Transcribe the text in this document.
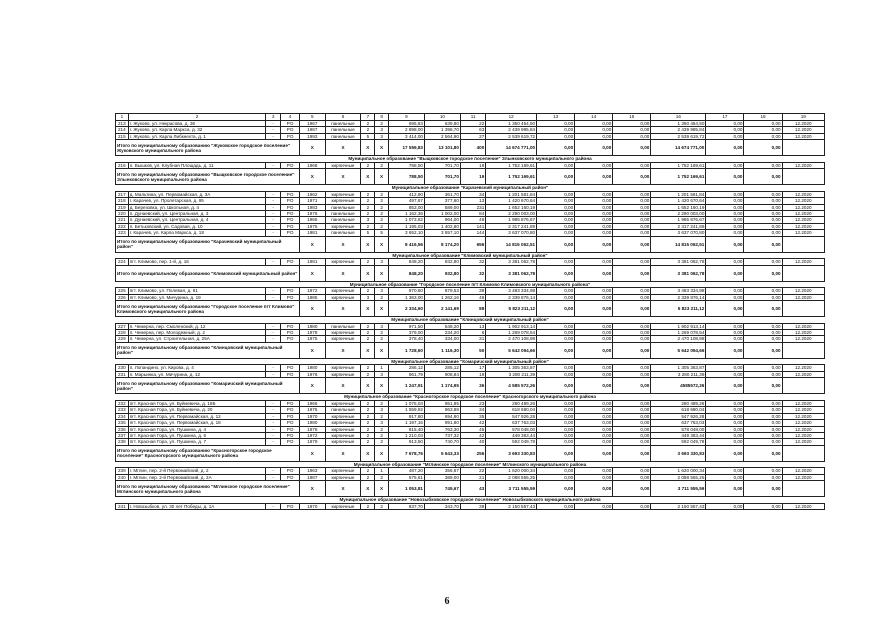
1	2	3	4	5	6	7	8	9	10	11	12	13	14	15	16	17	18	19
213	г. Жуково, ул. Некрасова, д. 36	-	PO	1967	панельные	2	2	695,83	639,80	22	1 350 454,50	0,00	0,00	0,00	1 350 454,50	0,00	0,00	12.2020
214	г. Жуково, ул. Карла Маркса, д. 32	-	PO	1987	панельные	2	3	2 898,00	1 398,70	63	2 439 985,84	0,00	0,00	0,00	2 439 985,84	0,00	0,00	12.2020
215	г. Жуково, ул. Карла Либкнехта, д. 1	-	PO	1993	панельные	5	3	3 414,00	2 564,90	27	2 539 619,72	0,00	0,00	0,00	2 539 619,72	0,00	0,00	12.2020
Итого по муниципальному образованию "Жуковское городское поселение" Жуковского муниципального района				X	X	X	X	17 559,83	13 101,80	400	14 674 771,00	0,00	0,00	0,00	14 674 771,00	0,00	0,00	
Муниципальное образование "Выщковское городское поселение" Злынковского муниципального района																		
216	п. Вышков, ул. Клубная Площадь, д. 11	-	PO	1968	кирпичные	2	2	788,50	701,70	19	1 752 169,61	0,00	0,00	0,00	1 752 169,61	0,00	0,00	12.2020
Итого по муниципальному образованию "Выщковское городское поселение" Злынковского муниципального района				X	X	X	X	788,50	701,70	19	1 752 169,61	0,00	0,00	0,00	1 752 169,61	0,00	0,00	
Муниципальное образование "Карачевский муниципальный район"																		
217	д. Мальтина, ул. Первомайская, д. 3А	-	PO	1962	кирпичные	2	2	412,90	361,70	34	1 201 581,84	0,00	0,00	0,00	1 201 581,84	0,00	0,00	12.2020
218	г. Карачев, ул. Пролетарская, д. 95	-	PO	1971	кирпичные	2	2	497,67	377,60	13	1 420 670,64	0,00	0,00	0,00	1 420 670,64	0,00	0,00	12.2020
219	д. Березовка, ул. Школьная, д. 4	-	PO	1983	панельные	2	2	853,00	589,00	231	1 652 160,19	0,00	0,00	0,00	1 652 160,19	0,00	0,00	12.2020
220	п. Дунаевский, ул. Центральная, д. 3	-	PO	1976	панельные	2	2	1 162,36	1 002,00	84	2 290 003,00	0,00	0,00	0,00	2 290 003,00	0,00	0,00	12.2020
221	п. Дунаевский, ул. Центральная, д. 4	-	PO	1965	панельные	3	2	1 073,62	964,00	49	1 985 876,67	0,00	0,00	0,00	1 985 876,67	0,00	0,00	12.2020
222	п. Бетьковский, ул. Садовая, д. 10	-	PO	1975	кирпичные	2	2	1 195,03	1 402,80	141	2 317 241,89	0,00	0,00	0,00	2 317 241,89	0,00	0,00	12.2020
223	г. Карачев, ул. Карла Маркса, д. 18	-	PO	1981	панельные	5	5	3 652,10	3 657,10	144	3 637 070,80	0,00	0,00	0,00	3 637 070,80	0,00	0,00	12.2020
Итого по муниципальному образованию "Карачевский муниципальный район"				X	X	X	X	8 416,56	8 174,20	656	14 815 062,51	0,00	0,00	0,00	14 815 062,51	0,00	0,00	
Муниципальное образование "Климовский муниципальный район"																		
224	пгт. Климово, пер. 1-й, д. 16	-	PO	1981	кирпичные	2	3	848,20	932,80	32	3 381 062,78	0,00	0,00	0,00	3 381 062,78	0,00	0,00	12.2020
Итого по муниципальному образованию "Климовский муниципальный район"				X	X	X	X	848,20	932,80	32	3 381 062,78	0,00	0,00	0,00	3 381 062,78	0,00	0,00	
Муниципальное образование "Городское поселение пгт Климово Климовского муниципального района"																		
225	пгт. Климово, ул. Полевая, д. 61	-	PO	1972	кирпичные	2	3	970,60	879,53	39	3 483 334,98	0,00	0,00	0,00	3 483 334,98	0,00	0,00	12.2020
226	пгт. Климово, ул. Мичурина, д. 19	-	PO	1985	кирпичные	3	2	1 363,00	1 262,16	49	2 339 876,14	0,00	0,00	0,00	2 339 876,14	0,00	0,00	12.2020
Итого по муниципальному образованию "Городское поселение пгт Климово" Климовского муниципального района				X	X	X	X	2 334,60	2 141,69	88	5 823 211,12	0,00	0,00	0,00	5 823 211,12	0,00	0,00	
Муниципальное образование "Клинцовский муниципальный район"																		
227	п. Чемерна, пер. Смоленский, д. 12	-	PO	1980	панельные	2	3	971,50	548,20	13	1 902 913,14	0,00	0,00	0,00	1 902 913,14	0,00	0,00	12.2020
228	п. Чемерна, пер. Молодежный, д. 2	-	PO	1978	кирпичные	2	2	379,00	234,20	6	1 269 078,54	0,00	0,00	0,00	1 269 078,54	0,00	0,00	12.2020
229	п. Чемерна, ул. Строительная, д. 25А	-	PO	1975	кирпичные	2	2	378,40	334,00	31	2 470 108,98	0,00	0,00	0,00	2 470 108,98	0,00	0,00	12.2020
Итого по муниципальному образованию "Клинцовский муниципальный район"				X	X	X	X	1 728,60	1 116,30	50	5 642 094,66	0,00	0,00	0,00	5 642 094,66	0,00	0,00	
Муниципальное образование "Комаричский муниципальный район"																		
230	п. Лопандино, ул. Кирова, д. 4	-	PO	1980	кирпичные	2	1	286,12	285,12	17	1 305 363,87	0,00	0,00	0,00	1 305 363,87	0,00	0,00	12.2020
231	п. Марьинка, ул. Мичурина, д. 12	-	PO	1976	кирпичные	2	3	961,79	908,84	19	3 280 211,39	0,00	0,00	0,00	3 280 211,39	0,00	0,00	12.2020
Итого по муниципальному образованию "Комаричский муниципальный район"				X	X	X	X	1 247,91	1 174,95	36	4 585 572,26	0,00	0,00	0,00	4585572,26	0,00	0,00	
Муниципальное образование "Красногорское городское поселение" Красногорского муниципального района																		
232	пгт. Красная Гора, ул. Буйневича, д. 16Б	-	PO	1966	кирпичные	2	2	1 075,03	951,85	23	280 489,26	0,00	0,00	0,00	280 489,26	0,00	0,00	12.2020
233	пгт. Красная Гора, ул. Буйневича, д. 20	-	PO	1975	панельные	2	3	1 559,92	963,88	34	618 680,04	0,00	0,00	0,00	618 680,04	0,00	0,00	12.2020
234	пгт. Красная Гора, ул. Первомайская, д. 12	-	PO	1970	кирпичные	2	2	917,80	694,80	35	547 926,28	0,00	0,00	0,00	547 926,28	0,00	0,00	12.2020
235	пгт. Красная Гора, ул. Первомайская, д. 18	-	PO	1980	кирпичные	2	3	1 197,16	991,80	42	637 763,03	0,00	0,00	0,00	637 763,03	0,00	0,00	12.2020
236	пгт. Красная Гора, ул. Пушкина, д. 4	-	PO	1976	кирпичные	2	2	815,40	763,30	45	578 048,00	0,00	0,00	0,00	578 048,00	0,00	0,00	12.2020
237	пгт. Красная Гора, ул. Пушкина, д. 6	-	PO	1972	кирпичные	2	2	1 210,03	737,32	42	449 383,44	0,00	0,00	0,00	449 383,44	0,00	0,00	12.2020
238	пгт. Красная Гора, ул. Пушкина, д. 7	-	PO	1979	кирпичные	2	2	913,50	740,70	40	592 049,78	0,00	0,00	0,00	592 049,78	0,00	0,00	12.2020
Итого по муниципальному образованию "Красногорское городское поселение" Красногорского муниципального района				X	X	X	X	7 678,76	5 643,33	256	3 693 330,83	0,00	0,00	0,00	3 693 330,83	0,00	0,00	
Муниципальное образование "Мглинское городское поселение" Мглинского муниципального района																		
239	г. Мглин, пер. 2-й Первомайский, д. 2	-	PO	1963	кирпичные	2	1	487,20	356,67	22	1 620 000,34	0,00	0,00	0,00	1 620 000,34	0,00	0,00	12.2020
240	г. Мглин, пер. 2-й Первомайский, д. 2А	-	PO	1987	кирпичные	2	2	575,61	389,00	21	2 088 555,25	0,00	0,00	0,00	2 088 555,25	0,00	0,00	12.2020
Итого по муниципальному образованию "Мглинское городское поселение" Мглинского муниципального района				X	X	X	X	1 053,81	745,67	43	3 711 555,59	0,00	0,00	0,00	3 711 555,59	0,00	0,00	
Муниципальное образование "Новозыбковское городское поселение" Новозыбковского муниципального района																		
241	г. Новозыбков, ул. 30 лет Победы, д. 1А	-	PO	1970	кирпичные	2	2	837,70	343,70	39	2 150 557,43	0,00	0,00	0,00	2 150 557,43	0,00	0,00	12.2020
6
